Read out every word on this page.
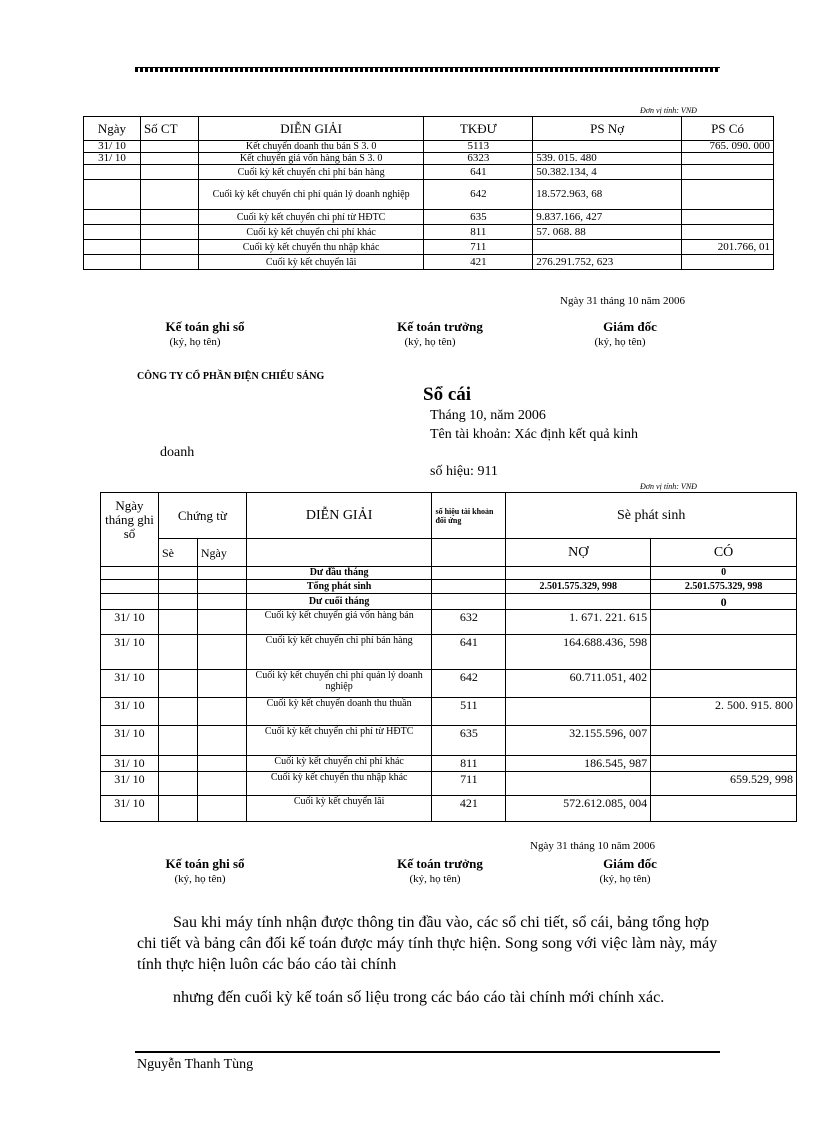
Đơn vị tính: VNĐ
Ngày	Số CT	DIỄN GIẢI	TKĐƯ	PS Nợ	PS Có
31/ 10		Kết chuyển doanh thu bán S 3. 0	5113		765. 090. 000
31/ 10		Kết chuyển giá vốn hàng bán S 3. 0	6323	539. 015. 480	
		Cuối kỳ kết chuyển chi phí bán hàng	641	50.382.134, 4	
		Cuối kỳ kết chuyển chi phí quản lý doanh nghiệp	642	18.572.963, 68	
		Cuối kỳ kết chuyển chi phí từ HĐTC	635	9.837.166, 427	
		Cuối kỳ kết chuyển chi phí khác	811	57. 068. 88	
		Cuối kỳ kết chuyển thu nhập khác	711		201.766, 01
		Cuối kỳ kết chuyển lãi	421	276.291.752, 623	
Ngày 31 tháng 10 năm 2006
Kế toán ghi sổ
(ký, họ tên)
Kế toán trưởng
(ký, họ tên)
Giám đốc
(ký, họ tên)
CÔNG TY CỔ PHẦN ĐIỆN CHIẾU SÁNG
Sổ cái
Tháng 10, năm 2006
Tên tài khoản: Xác định kết quả kinh
doanh
số hiệu: 911
Đơn vị tính: VNĐ
Ngày tháng ghi sổ	Chứng từ		DIỄN GIẢI	số hiệu tài khoản đối ứng	Sè phát sinh	
	Sè	Ngày			NỢ	CÓ
			Dư đầu tháng			0
			Tổng phát sinh		2.501.575.329, 998	2.501.575.329, 998
			Dư cuối tháng			0
31/ 10			Cuối kỳ kết chuyển giá vốn hàng bán	632	1. 671. 221. 615	
31/ 10			Cuối kỳ kết chuyển chi phí bán hàng	641	164.688.436, 598	
31/ 10			Cuối kỳ kết chuyển chi phí quản lý doanh nghiệp	642	60.711.051, 402	
31/ 10			Cuối kỳ kết chuyển doanh thu thuần	511		2. 500. 915. 800
31/ 10			Cuối kỳ kết chuyển chi phí từ HĐTC	635	32.155.596, 007	
31/ 10			Cuối kỳ kết chuyển chi phí khác	811	186.545, 987	
31/ 10			Cuối kỳ kết chuyển thu nhập khác	711		659.529, 998
31/ 10			Cuối kỳ kết chuyển lãi	421	572.612.085, 004	
Ngày 31 tháng 10 năm 2006
Kế toán ghi sổ
(ký, họ tên)
Kế toán trưởng
(ký, họ tên)
Giám đốc
(ký, họ tên)
Sau khi máy tính nhận được thông tin đầu vào, các sổ chi tiết, sổ cái, bảng tổng hợp chi tiết và bảng cân đối kế toán được máy tính thực hiện. Song song với việc làm này, máy tính thực hiện luôn các báo cáo tài chính
nhưng đến cuối kỳ kế toán số liệu trong các báo cáo tài chính mới chính xác.
Nguyễn Thanh Tùng
